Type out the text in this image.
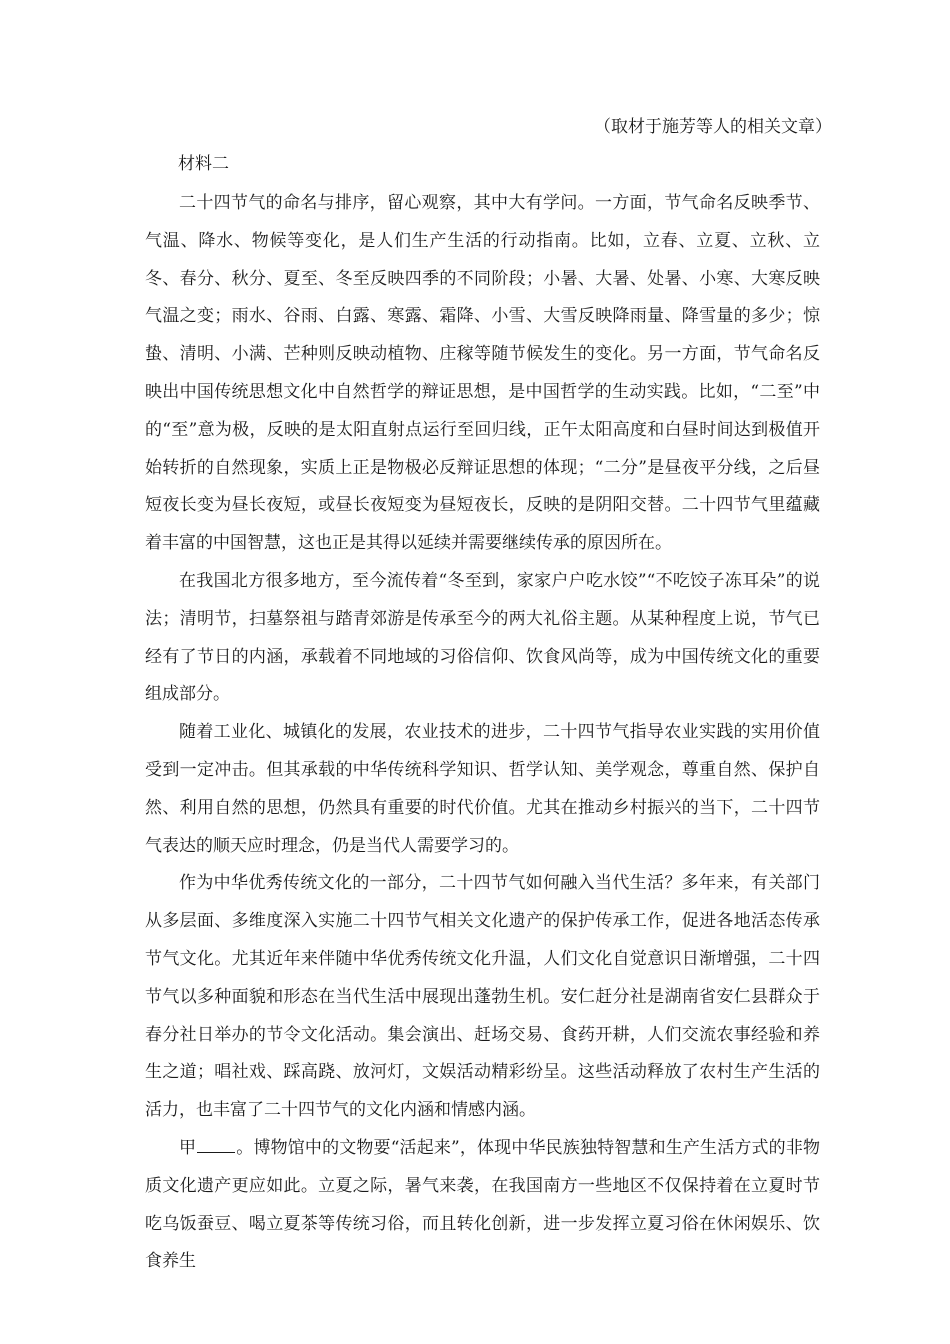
（取材于施芳等人的相关文章）
材料二

二十四节气的命名与排序，留心观察，其中大有学问。一方面，节气命名反映季节、气温、降水、物候等变化，是人们生产生活的行动指南。比如，立春、立夏、立秋、立冬、春分、秋分、夏至、冬至反映四季的不同阶段；小暑、大暑、处暑、小寒、大寒反映气温之变；雨水、谷雨、白露、寒露、霜降、小雪、大雪反映降雨量、降雪量的多少；惊蛰、清明、小满、芒种则反映动植物、庄稼等随节候发生的变化。另一方面，节气命名反映出中国传统思想文化中自然哲学的辩证思想，是中国哲学的生动实践。比如，“二至”中的“至”意为极，反映的是太阳直射点运行至回归线，正午太阳高度和白昼时间达到极值开始转折的自然现象，实质上正是物极必反辩证思想的体现；“二分”是昼夜平分线，之后昼短夜长变为昼长夜短，或昼长夜短变为昼短夜长，反映的是阴阳交替。二十四节气里蕴藏着丰富的中国智慧，这也正是其得以延续并需要继续传承的原因所在。

在我国北方很多地方，至今流传着“冬至到，家家户户吃水饺”“不吃饺子冻耳朵”的说法；清明节，扫墓祭祖与踏青郊游是传承至今的两大礼俗主题。从某种程度上说，节气已经有了节日的内涵，承载着不同地域的习俗信仰、饮食风尚等，成为中国传统文化的重要组成部分。

随着工业化、城镇化的发展，农业技术的进步，二十四节气指导农业实践的实用价值受到一定冲击。但其承载的中华传统科学知识、哲学认知、美学观念，尊重自然、保护自然、利用自然的思想，仍然具有重要的时代价值。尤其在推动乡村振兴的当下，二十四节气表达的顺天应时理念，仍是当代人需要学习的。

作为中华优秀传统文化的一部分，二十四节气如何融入当代生活？多年来，有关部门从多层面、多维度深入实施二十四节气相关文化遗产的保护传承工作，促进各地活态传承节气文化。尤其近年来伴随中华优秀传统文化升温，人们文化自觉意识日渐增强，二十四节气以多种面貌和形态在当代生活中展现出蓬勃生机。安仁赶分社是湖南省安仁县群众于春分社日举办的节令文化活动。集会演出、赶场交易、食药开耕，人们交流农事经验和养生之道；唱社戏、踩高跷、放河灯，文娱活动精彩纷呈。这些活动释放了农村生产生活的活力，也丰富了二十四节气的文化内涵和情感内涵。

甲 。博物馆中的文物要“活起来”，体现中华民族独特智慧和生产生活方式的非物质文化遗产更应如此。立夏之际，暑气来袭，在我国南方一些地区不仅保持着在立夏时节吃乌饭蚕豆、喝立夏茶等传统习俗，而且转化创新，进一步发挥立夏习俗在休闲娱乐、饮食养生
